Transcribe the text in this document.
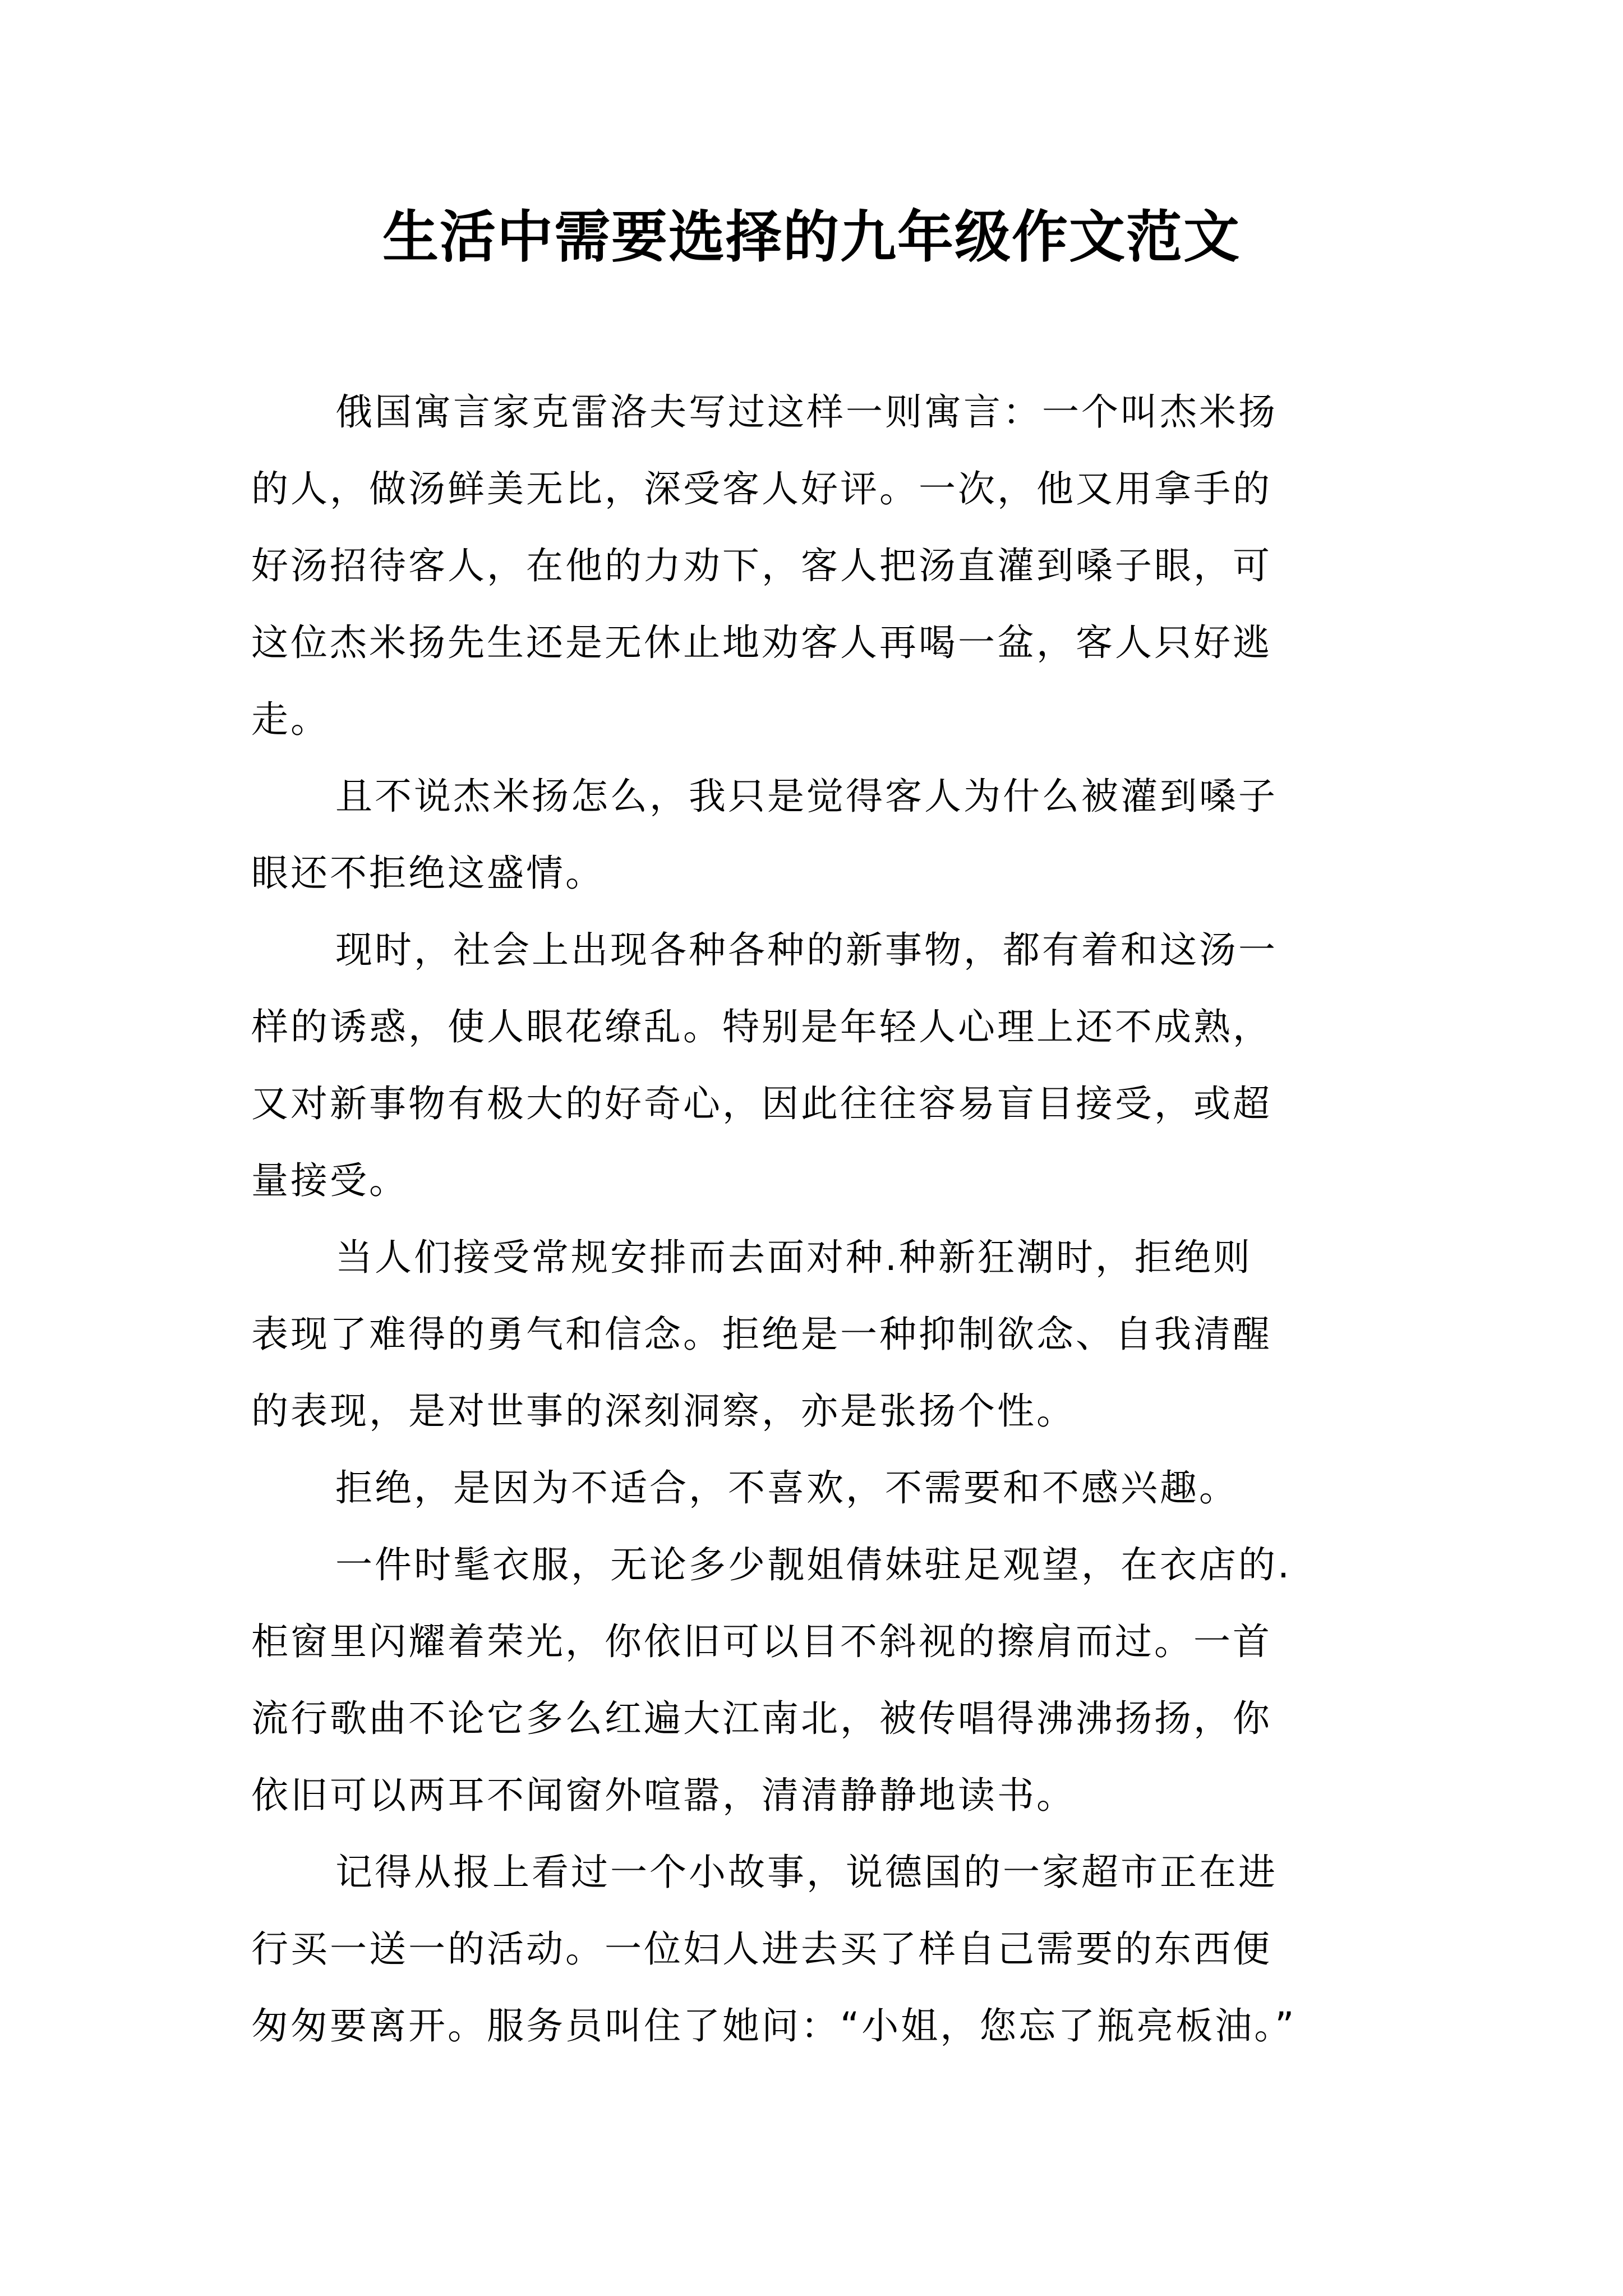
生活中需要选择的九年级作文范文
俄国寓言家克雷洛夫写过这样一则寓言：一个叫杰米扬
的人，做汤鲜美无比，深受客人好评。一次，他又用拿手的
好汤招待客人，在他的力劝下，客人把汤直灌到嗓子眼，可
这位杰米扬先生还是无休止地劝客人再喝一盆，客人只好逃
走。
且不说杰米扬怎么，我只是觉得客人为什么被灌到嗓子
眼还不拒绝这盛情。
现时，社会上出现各种各种的新事物，都有着和这汤一
样的诱惑，使人眼花缭乱。特别是年轻人心理上还不成熟，
又对新事物有极大的好奇心，因此往往容易盲目接受，或超
量接受。
当人们接受常规安排而去面对种.种新狂潮时，拒绝则
表现了难得的勇气和信念。拒绝是一种抑制欲念、自我清醒
的表现，是对世事的深刻洞察，亦是张扬个性。
拒绝，是因为不适合，不喜欢，不需要和不感兴趣。
一件时髦衣服，无论多少靓姐倩妹驻足观望，在衣店的.
柜窗里闪耀着荣光，你依旧可以目不斜视的擦肩而过。一首
流行歌曲不论它多么红遍大江南北，被传唱得沸沸扬扬，你
依旧可以两耳不闻窗外喧嚣，清清静静地读书。
记得从报上看过一个小故事，说德国的一家超市正在进
行买一送一的活动。一位妇人进去买了样自己需要的东西便
匆匆要离开。服务员叫住了她问：“小姐，您忘了瓶亮板油。”
